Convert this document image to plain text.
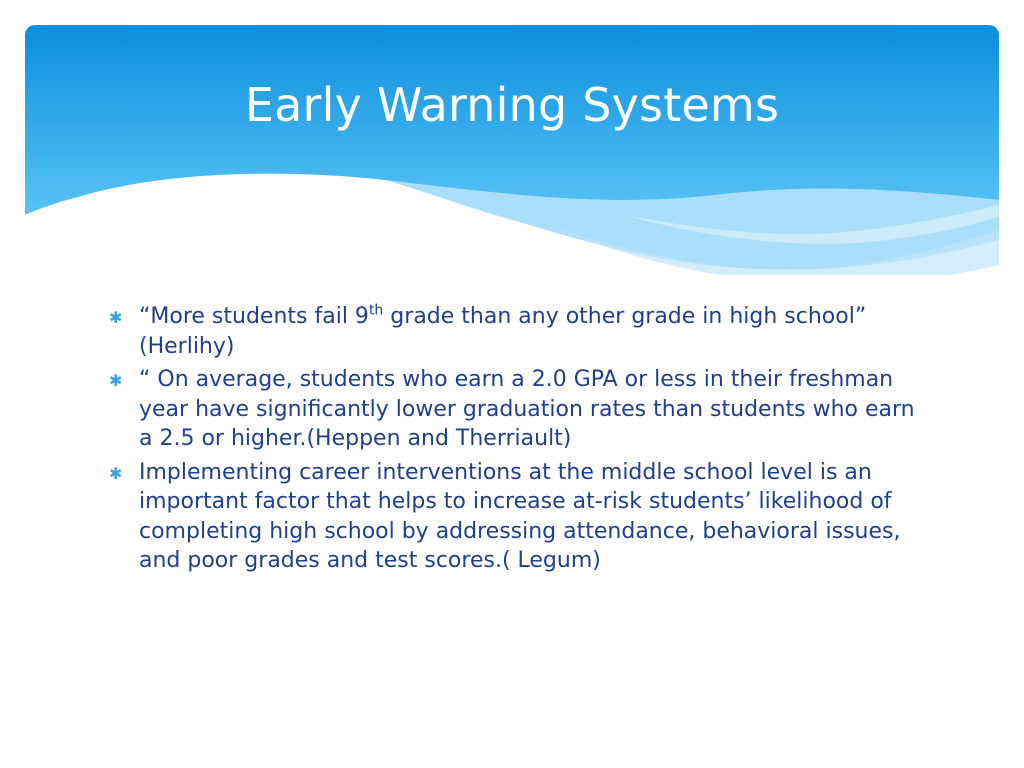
Early Warning Systems
✱ “More students fail 9th grade than any other grade in high school” (Herlihy)
✱ “ On average, students who earn a 2.0 GPA or less in their freshman year have significantly lower graduation rates than students who earn a 2.5 or higher.(Heppen and Therriault)
✱ Implementing career interventions at the middle school level is an important factor that helps to increase at-risk students’ likelihood of completing high school by addressing attendance, behavioral issues, and poor grades and test scores.( Legum)
